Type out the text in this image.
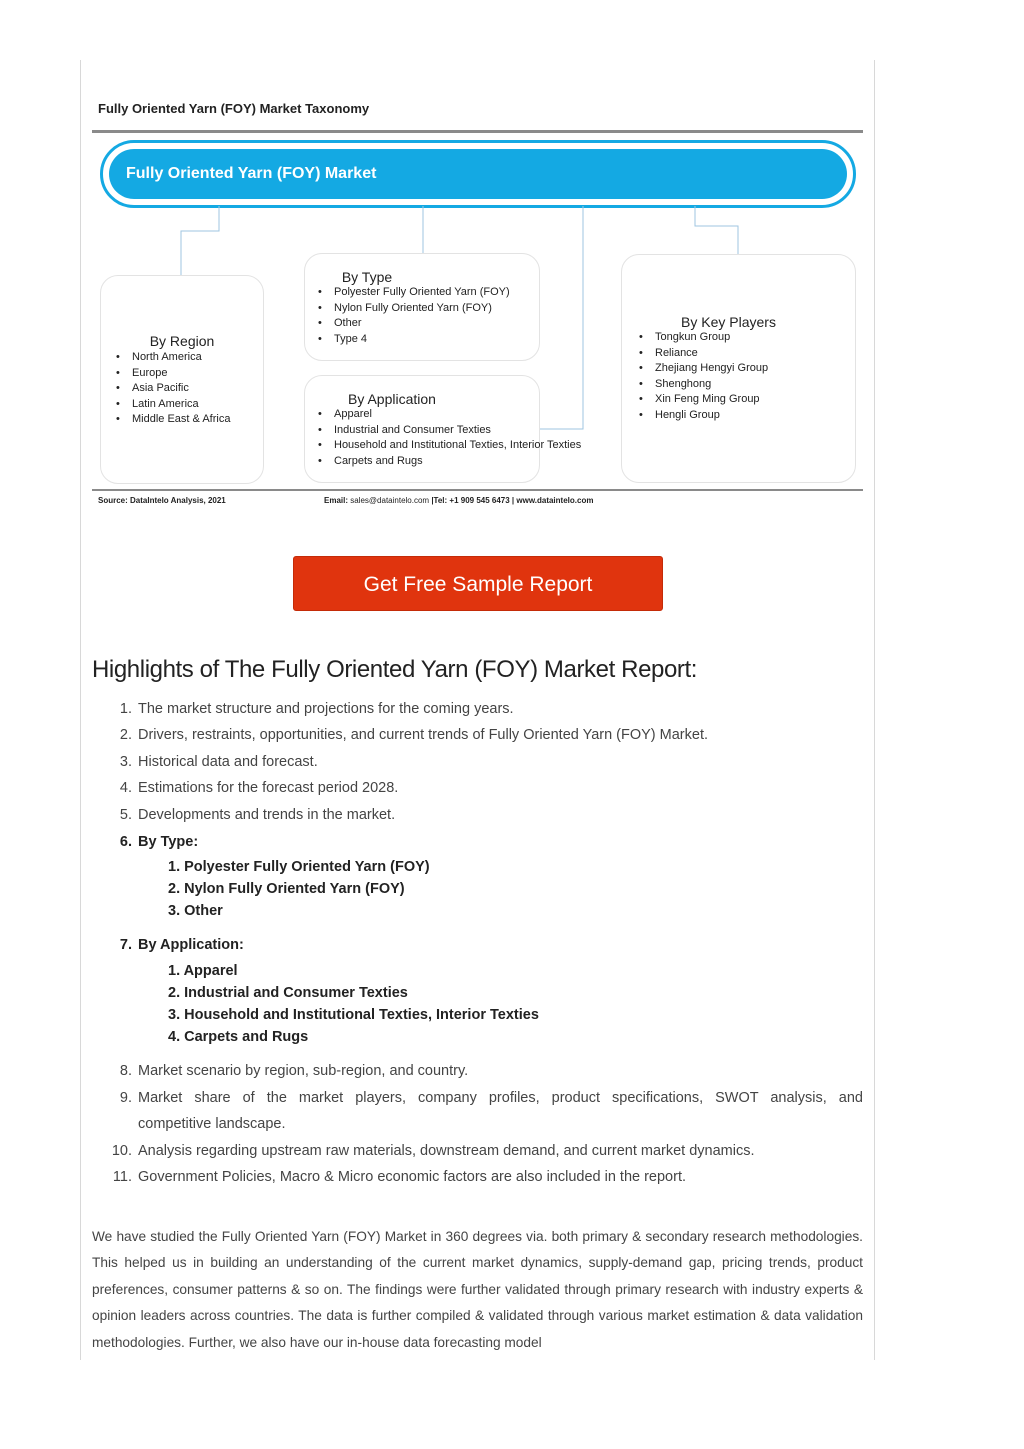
Fully Oriented Yarn (FOY) Market Taxonomy
Fully Oriented Yarn (FOY) Market
By Region
• North America
• Europe
• Asia Pacific
• Latin America
• Middle East & Africa
By Type
• Polyester Fully Oriented Yarn (FOY)
• Nylon Fully Oriented Yarn (FOY)
• Other
• Type 4
By Application
• Apparel
• Industrial and Consumer Texties
• Household and Institutional Texties, Interior Texties
• Carpets and Rugs
By Key Players
• Tongkun Group
• Reliance
• Zhejiang Hengyi Group
• Shenghong
• Xin Feng Ming Group
• Hengli Group
Source: DataIntelo Analysis, 2021	Email: sales@dataintelo.com |Tel: +1 909 545 6473 | www.dataintelo.com
Get Free Sample Report
Highlights of The Fully Oriented Yarn (FOY) Market Report:
1. The market structure and projections for the coming years.
2. Drivers, restraints, opportunities, and current trends of Fully Oriented Yarn (FOY) Market.
3. Historical data and forecast.
4. Estimations for the forecast period 2028.
5. Developments and trends in the market.
6. By Type:
1. Polyester Fully Oriented Yarn (FOY)
2. Nylon Fully Oriented Yarn (FOY)
3. Other
7. By Application:
1. Apparel
2. Industrial and Consumer Texties
3. Household and Institutional Texties, Interior Texties
4. Carpets and Rugs
8. Market scenario by region, sub-region, and country.
9. Market share of the market players, company profiles, product specifications, SWOT analysis, and
competitive landscape.
10. Analysis regarding upstream raw materials, downstream demand, and current market dynamics.
11. Government Policies, Macro & Micro economic factors are also included in the report.
We have studied the Fully Oriented Yarn (FOY) Market in 360 degrees via. both primary & secondary research methodologies. This helped us in building an understanding of the current market dynamics, supply-demand gap, pricing trends, product preferences, consumer patterns & so on. The findings were further validated through primary research with industry experts & opinion leaders across countries. The data is further compiled & validated through various market estimation & data validation methodologies. Further, we also have our in-house data forecasting model
